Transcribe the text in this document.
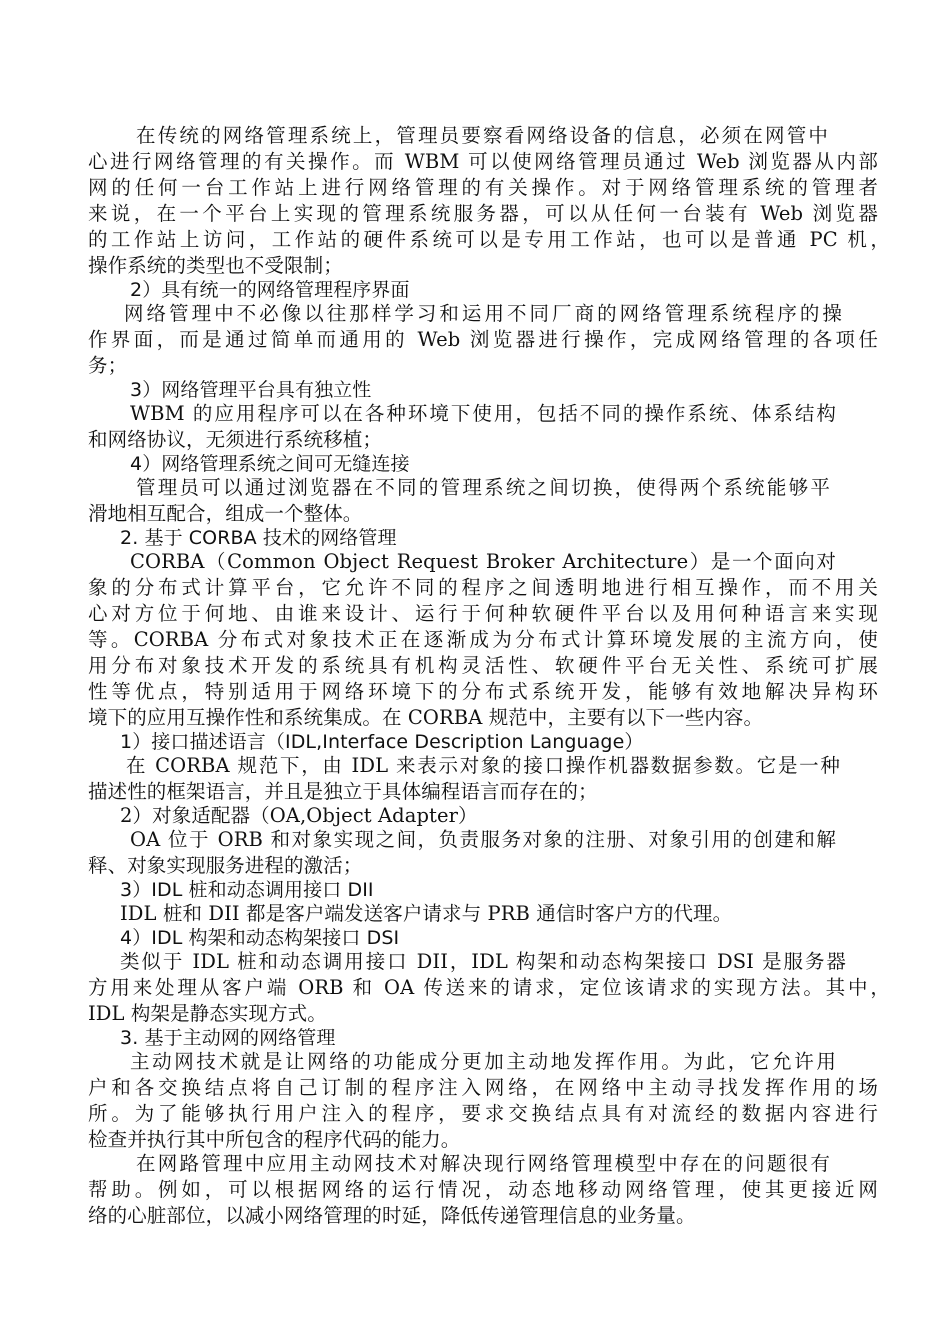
在传统的网络管理系统上，管理员要察看网络设备的信息，必须在网管中
心进行网络管理的有关操作。而 WBM 可以使网络管理员通过 Web 浏览器从内部
网的任何一台工作站上进行网络管理的有关操作。对于网络管理系统的管理者
来说，在一个平台上实现的管理系统服务器，可以从任何一台装有 Web 浏览器
的工作站上访问，工作站的硬件系统可以是专用工作站，也可以是普通 PC 机，
操作系统的类型也不受限制；
2）具有统一的网络管理程序界面
网络管理中不必像以往那样学习和运用不同厂商的网络管理系统程序的操
作界面，而是通过简单而通用的 Web 浏览器进行操作，完成网络管理的各项任
务；
3）网络管理平台具有独立性
WBM 的应用程序可以在各种环境下使用，包括不同的操作系统、体系结构
和网络协议，无须进行系统移植；
4）网络管理系统之间可无缝连接
管理员可以通过浏览器在不同的管理系统之间切换，使得两个系统能够平
滑地相互配合，组成一个整体。
2. 基于 CORBA 技术的网络管理
CORBA（Common Object Request Broker Architecture）是一个面向对
象的分布式计算平台，它允许不同的程序之间透明地进行相互操作，而不用关
心对方位于何地、由谁来设计、运行于何种软硬件平台以及用何种语言来实现
等。CORBA 分布式对象技术正在逐渐成为分布式计算环境发展的主流方向，使
用分布对象技术开发的系统具有机构灵活性、软硬件平台无关性、系统可扩展
性等优点，特别适用于网络环境下的分布式系统开发，能够有效地解决异构环
境下的应用互操作性和系统集成。在 CORBA 规范中，主要有以下一些内容。
1）接口描述语言（IDL,Interface Description Language）
在 CORBA 规范下，由 IDL 来表示对象的接口操作机器数据参数。它是一种
描述性的框架语言，并且是独立于具体编程语言而存在的；
2）对象适配器（OA,Object Adapter）
OA 位于 ORB 和对象实现之间，负责服务对象的注册、对象引用的创建和解
释、对象实现服务进程的激活；
3）IDL 桩和动态调用接口 DII
IDL 桩和 DII 都是客户端发送客户请求与 PRB 通信时客户方的代理。
4）IDL 构架和动态构架接口 DSI
类似于 IDL 桩和动态调用接口 DII，IDL 构架和动态构架接口 DSI 是服务器
方用来处理从客户端 ORB 和 OA 传送来的请求，定位该请求的实现方法。其中，
IDL 构架是静态实现方式。
3. 基于主动网的网络管理
主动网技术就是让网络的功能成分更加主动地发挥作用。为此，它允许用
户和各交换结点将自己订制的程序注入网络，在网络中主动寻找发挥作用的场
所。为了能够执行用户注入的程序，要求交换结点具有对流经的数据内容进行
检查并执行其中所包含的程序代码的能力。
在网路管理中应用主动网技术对解决现行网络管理模型中存在的问题很有
帮助。例如，可以根据网络的运行情况，动态地移动网络管理，使其更接近网
络的心脏部位，以减小网络管理的时延，降低传递管理信息的业务量。
